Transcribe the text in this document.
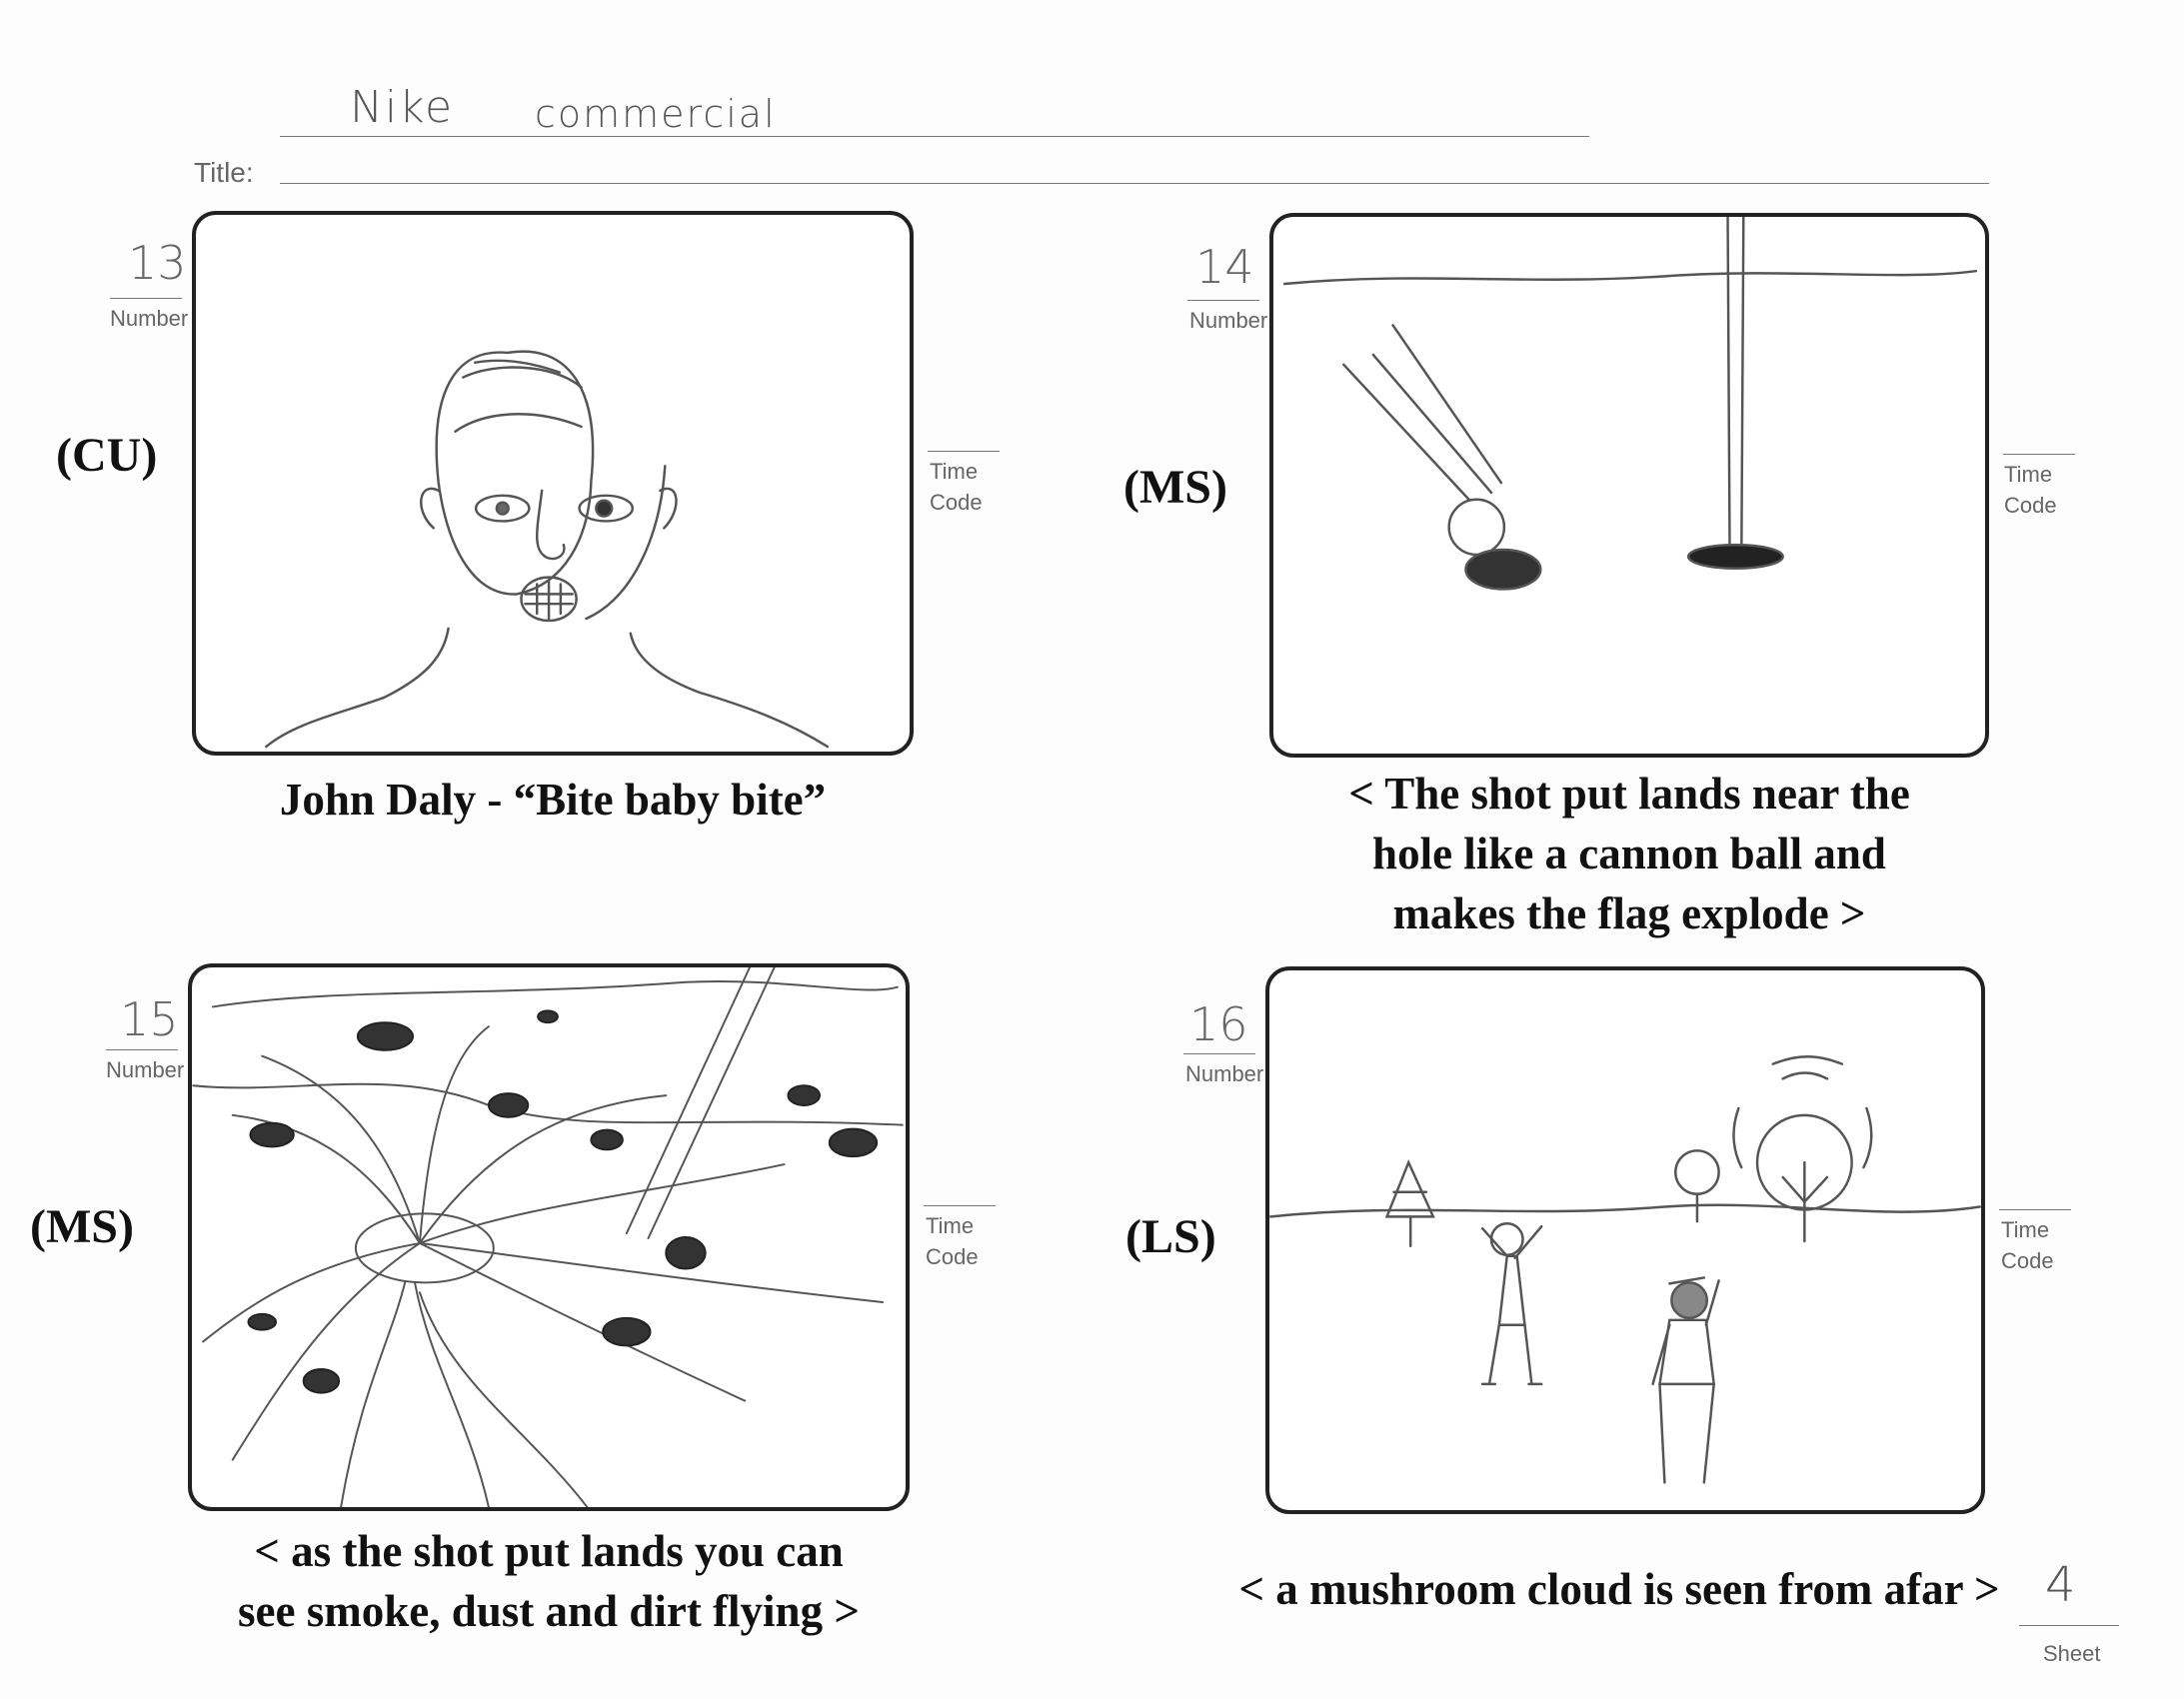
Nike commercial
Title:
13
Number
(CU)	Time
Code
John Daly - “Bite baby bite”
14
Number
(MS)	Time
Code
< The shot put lands near the
hole like a cannon ball and
makes the flag explode >
15
Number
(MS)	Time
Code
< as the shot put lands you can
see smoke, dust and dirt flying >
16
Number
(LS)	Time
Code
< a mushroom cloud is seen from afar > 4
Sheet
